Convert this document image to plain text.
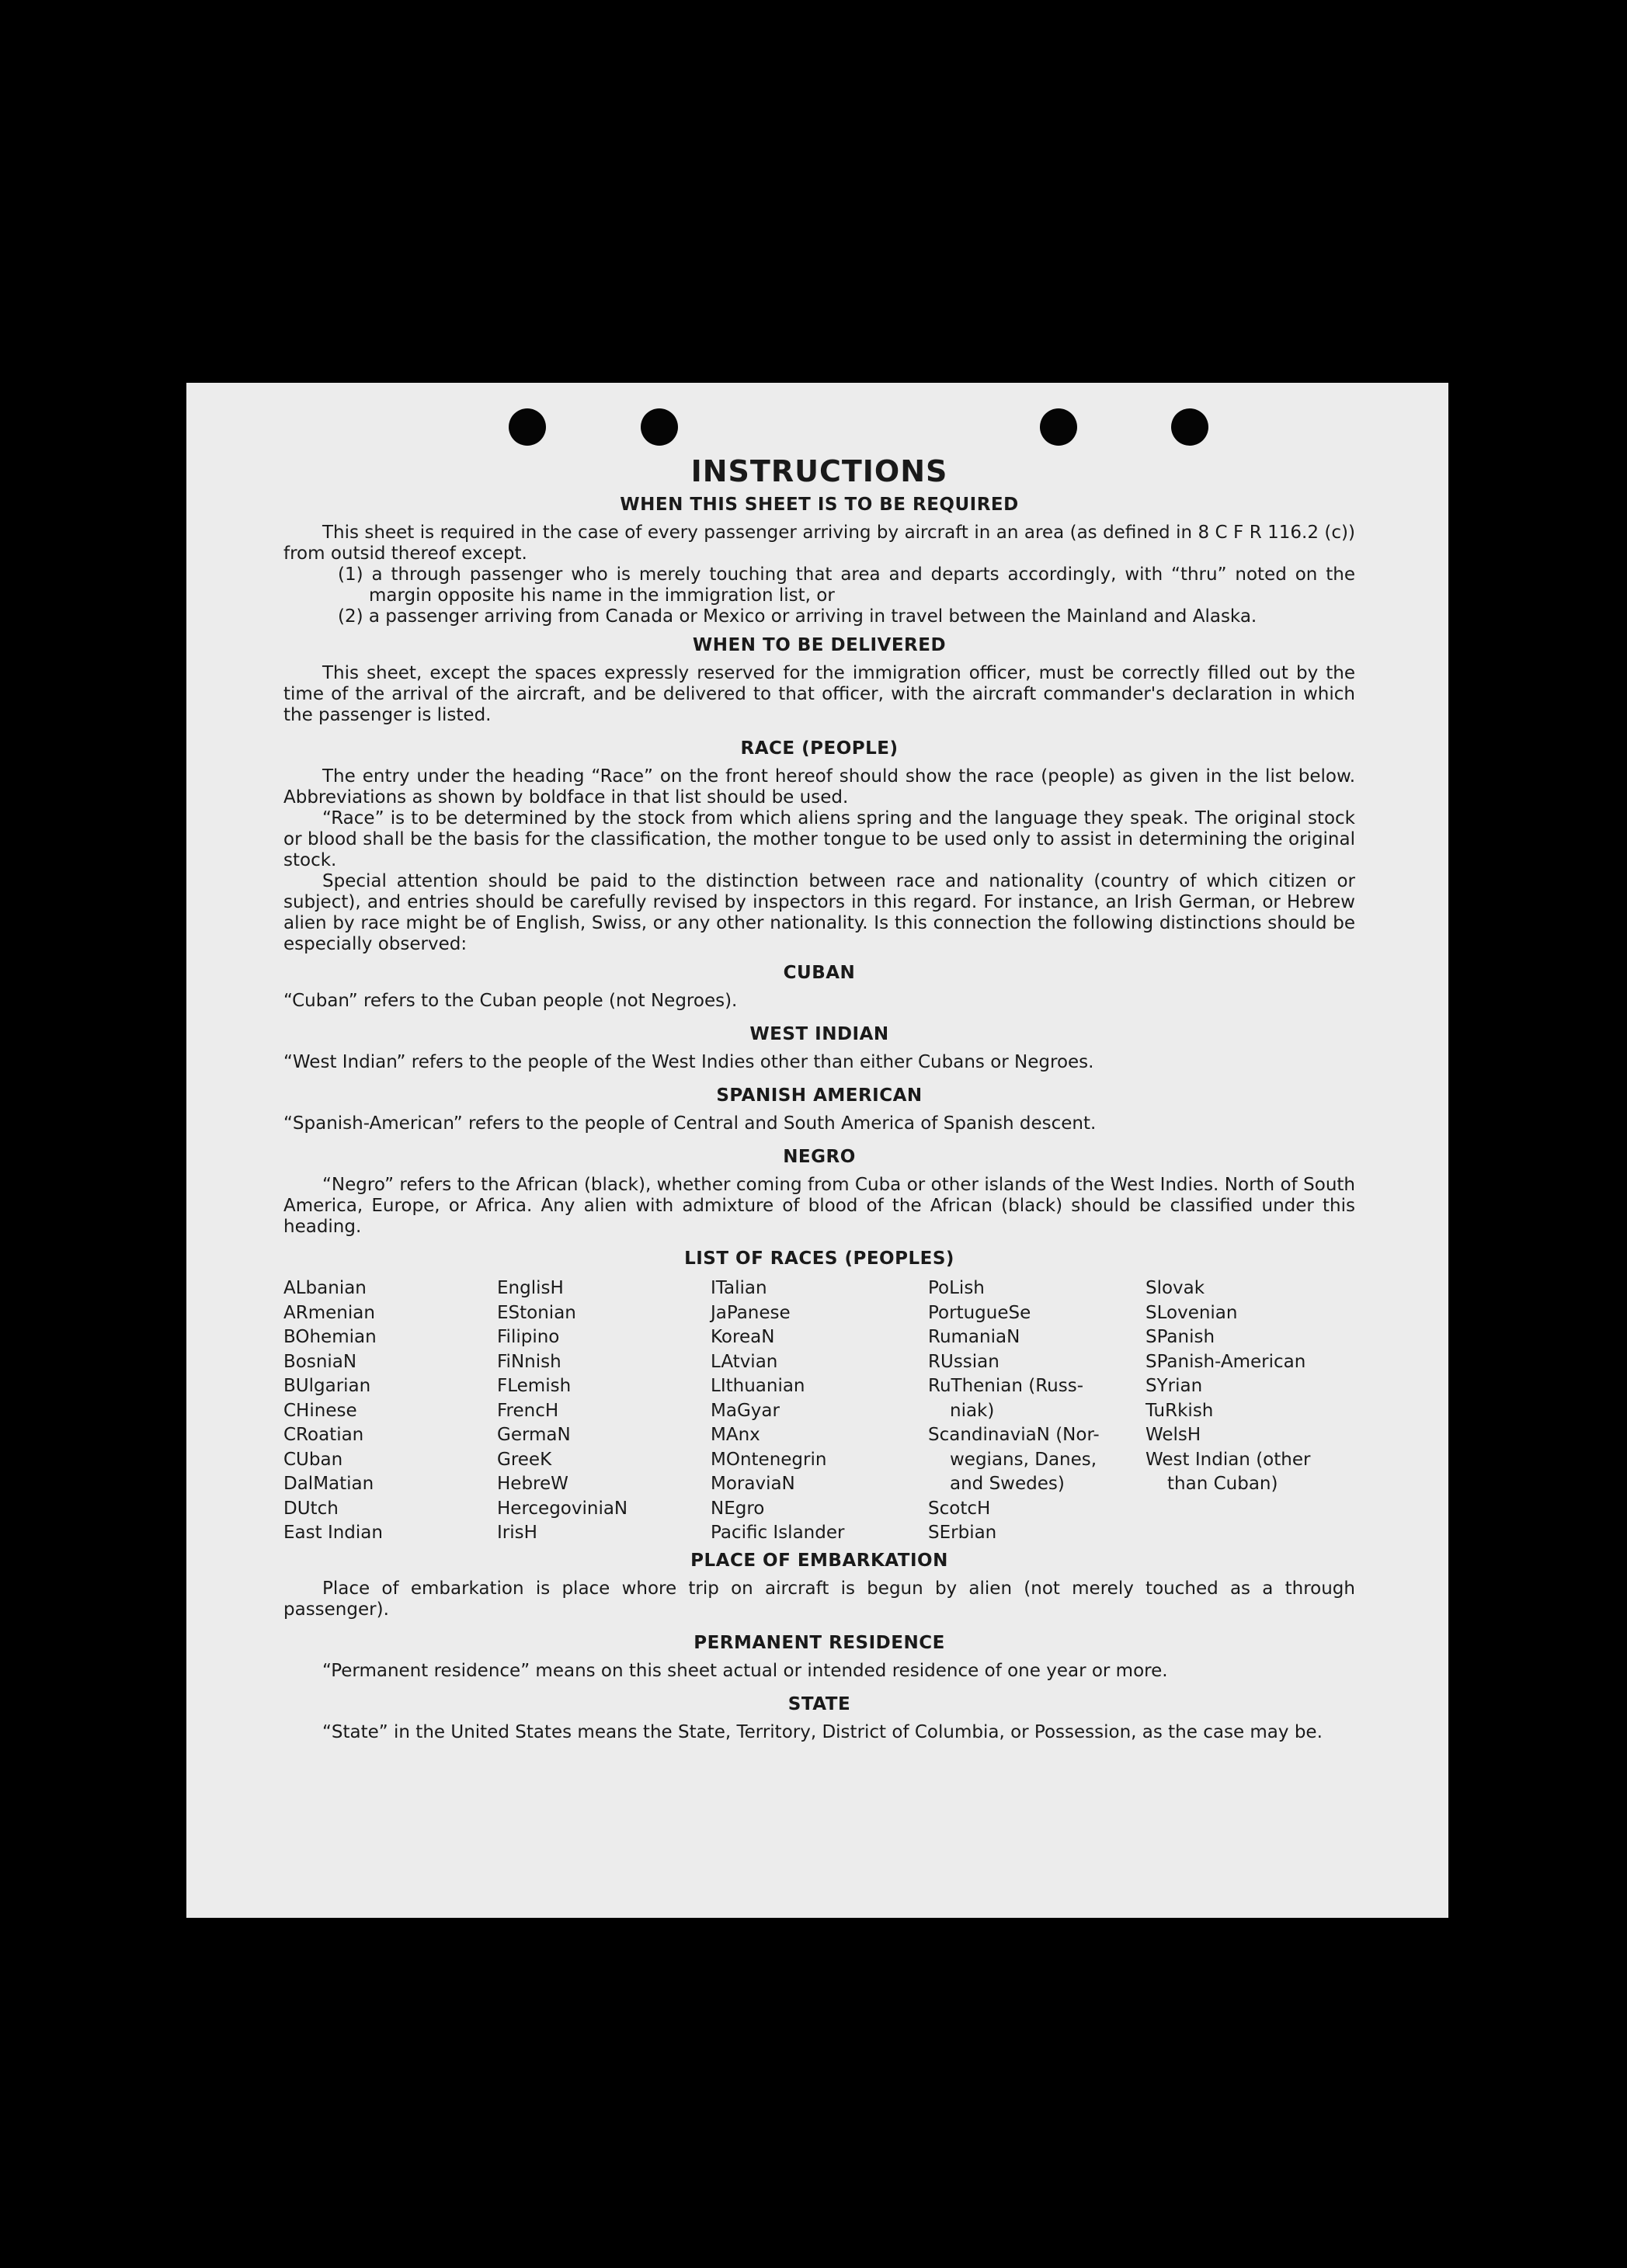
INSTRUCTIONS
WHEN THIS SHEET IS TO BE REQUIRED

This sheet is required in the case of every passenger arriving by aircraft in an area (as defined in 8 C F R 116.2 (c)) from outsid thereof except.

(1) a through passenger who is merely touching that area and departs accordingly, with “thru” noted on the margin opposite his name in the immigration list, or

(2) a passenger arriving from Canada or Mexico or arriving in travel between the Mainland and Alaska.

WHEN TO BE DELIVERED

This sheet, except the spaces expressly reserved for the immigration officer, must be correctly filled out by the time of the arrival of the aircraft, and be delivered to that officer, with the aircraft commander's declaration in which the passenger is listed.

RACE (PEOPLE)

The entry under the heading “Race” on the front hereof should show the race (people) as given in the list below. Abbreviations as shown by boldface in that list should be used.

“Race” is to be determined by the stock from which aliens spring and the language they speak. The original stock or blood shall be the basis for the classification, the mother tongue to be used only to assist in determining the original stock.

Special attention should be paid to the distinction between race and nationality (country of which citizen or subject), and entries should be carefully revised by inspectors in this regard. For instance, an Irish German, or Hebrew alien by race might be of English, Swiss, or any other nationality. Is this connection the following distinctions should be especially observed:

CUBAN

“Cuban” refers to the Cuban people (not Negroes).

WEST INDIAN

“West Indian” refers to the people of the West Indies other than either Cubans or Negroes.

SPANISH AMERICAN

“Spanish-American” refers to the people of Central and South America of Spanish descent.

NEGRO

“Negro” refers to the African (black), whether coming from Cuba or other islands of the West Indies. North of South America, Europe, or Africa. Any alien with admixture of blood of the African (black) should be classified under this heading.

LIST OF RACES (PEOPLES)
ALbanian
ARmenian
BOhemian
BosniaN
BUlgarian
CHinese
CRoatian
CUban
DalMatian
DUtch
East Indian
EnglisH
EStonian
Filipino
FiNnish
FLemish
FrencH
GermaN
GreeK
HebreW
HercegoviniaN
IrisH
ITalian
JaPanese
KoreaN
LAtvian
LIthuanian
MaGyar
MAnx
MOntenegrin
MoraviaN
NEgro
Pacific Islander
PoLish
PortugueSe
RumaniaN
RUssian
RuThenian (Russ-
niak)
ScandinaviaN (Nor-
wegians, Danes,
and Swedes)
ScotcH
SErbian
Slovak
SLovenian
SPanish
SPanish-American
SYrian
TuRkish
WelsH
West Indian (other
than Cuban)
PLACE OF EMBARKATION

Place of embarkation is place whore trip on aircraft is begun by alien (not merely touched as a through passenger).

PERMANENT RESIDENCE

“Permanent residence” means on this sheet actual or intended residence of one year or more.

STATE

“State” in the United States means the State, Territory, District of Columbia, or Possession, as the case may be.
